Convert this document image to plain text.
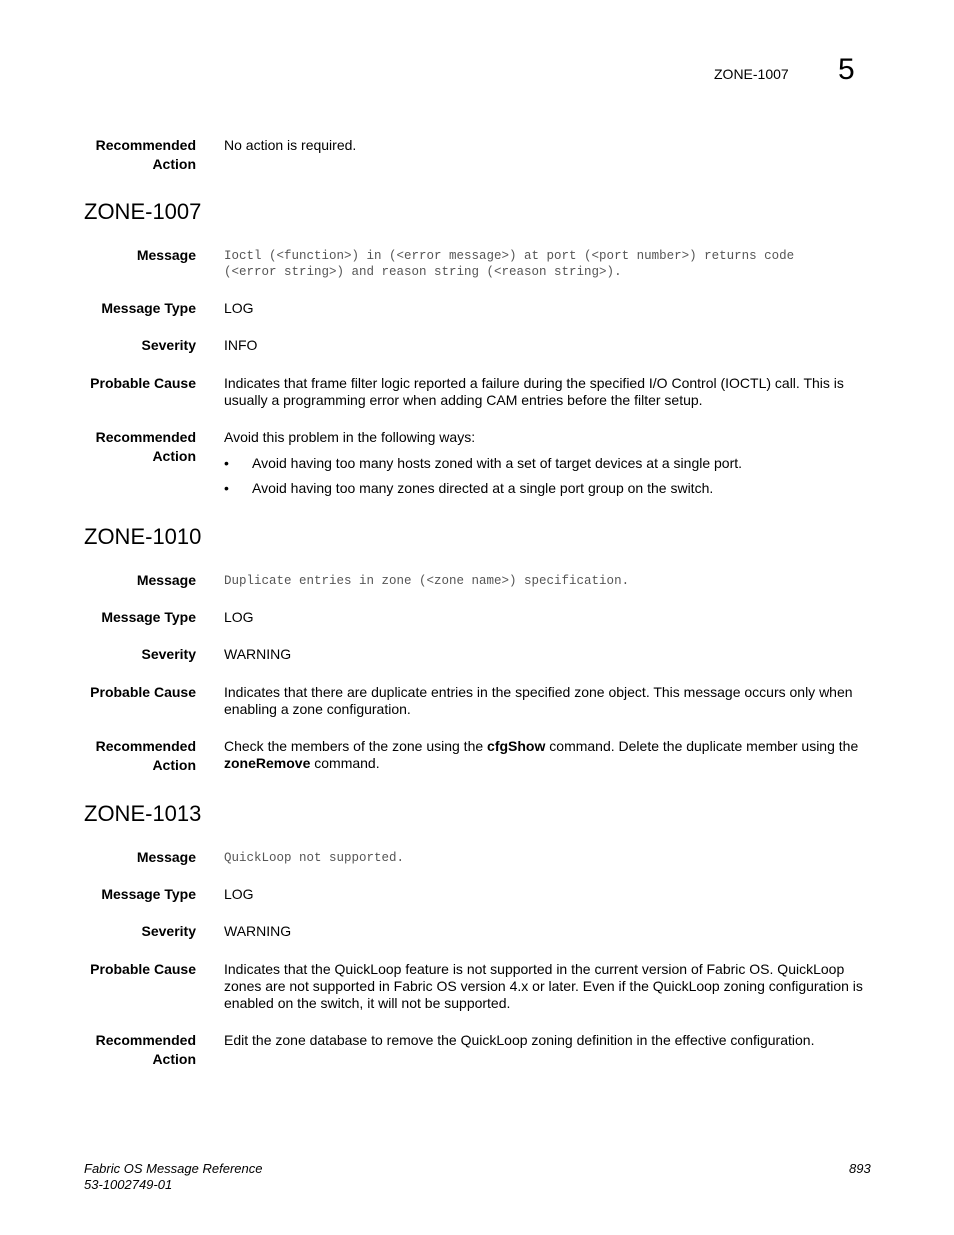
ZONE-1007 5
Recommended
Action
No action is required.
ZONE-1007
Message Ioctl (<function>) in (<error message>) at port (<port number>) returns code
(<error string>) and reason string (<reason string>).
Message Type LOG
Severity INFO
Probable Cause Indicates that frame filter logic reported a failure during the specified I/O Control (IOCTL) call. This is
usually a programming error when adding CAM entries before the filter setup.
Recommended
Action
Avoid this problem in the following ways:
• Avoid having too many hosts zoned with a set of target devices at a single port.
• Avoid having too many zones directed at a single port group on the switch.
ZONE-1010
Message Duplicate entries in zone (<zone name>) specification.
Message Type LOG
Severity WARNING
Probable Cause Indicates that there are duplicate entries in the specified zone object. This message occurs only when
enabling a zone configuration.
Recommended
Action
Check the members of the zone using the cfgShow command. Delete the duplicate member using the
zoneRemove command.
ZONE-1013
Message QuickLoop not supported.
Message Type LOG
Severity WARNING
Probable Cause Indicates that the QuickLoop feature is not supported in the current version of Fabric OS. QuickLoop
zones are not supported in Fabric OS version 4.x or later. Even if the QuickLoop zoning configuration is
enabled on the switch, it will not be supported.
Recommended
Action
Edit the zone database to remove the QuickLoop zoning definition in the effective configuration.
Fabric OS Message Reference
53-1002749-01
893
